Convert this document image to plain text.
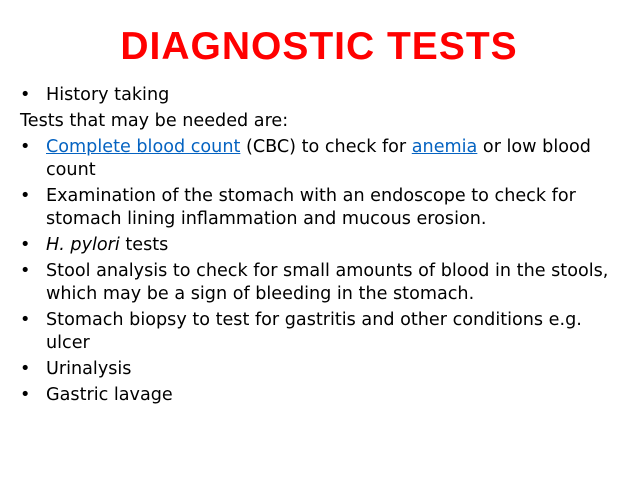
DIAGNOSTIC TESTS

• History taking

Tests that may be needed are:

• Complete blood count (CBC) to check for anemia or low blood count

• Examination of the stomach with an endoscope to check for stomach lining inflammation and mucous erosion.

• H. pylori tests

• Stool analysis to check for small amounts of blood in the stools, which may be a sign of bleeding in the stomach.

• Stomach biopsy to test for gastritis and other conditions e.g. ulcer

• Urinalysis

• Gastric lavage
